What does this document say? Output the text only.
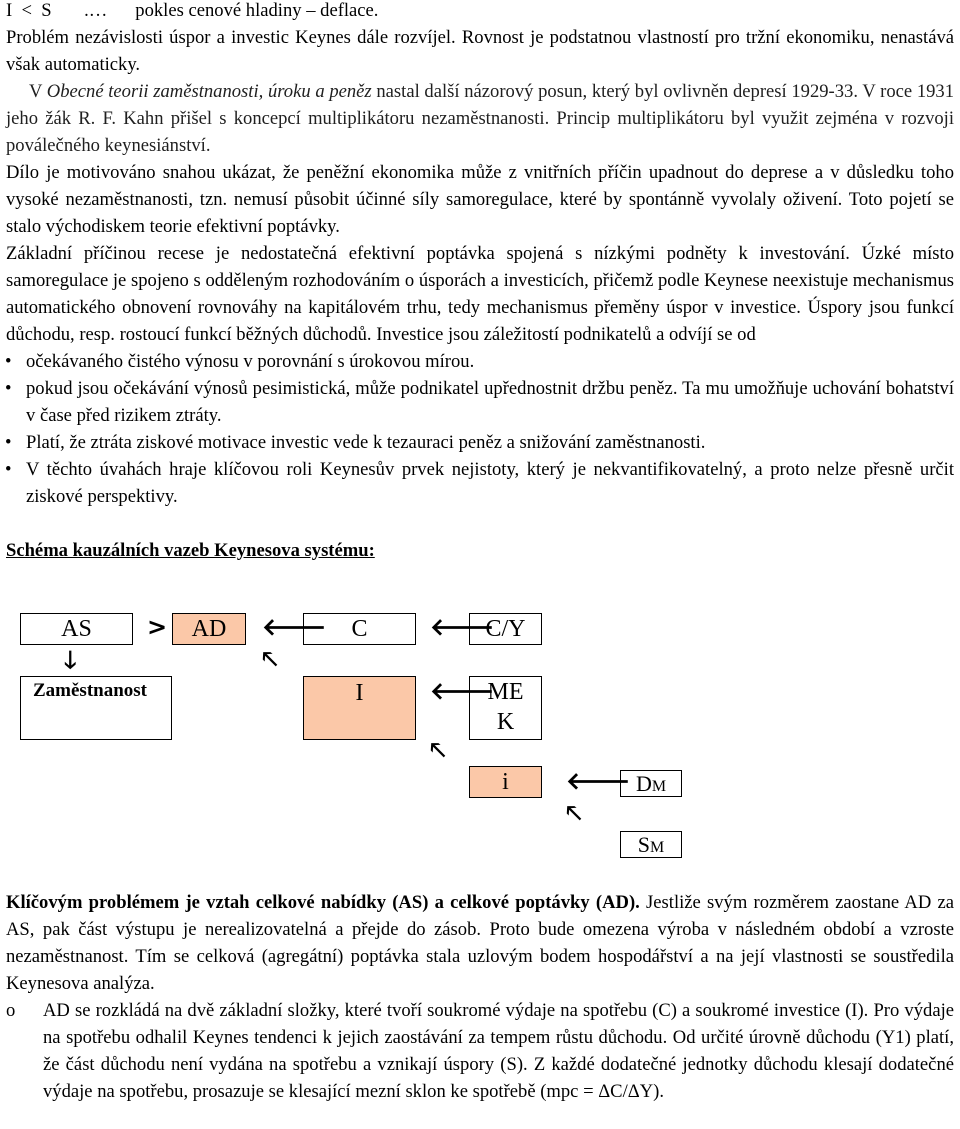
I  <  S       .…      pokles cenové hladiny – deflace.

Problém nezávislosti úspor a investic Keynes dále rozvíjel. Rovnost je podstatnou vlastností pro tržní ekonomiku, nenastává však automaticky.

V Obecné teorii zaměstnanosti, úroku a peněz nastal další názorový posun, který byl ovlivněn depresí 1929-33. V roce 1931 jeho žák R. F. Kahn přišel s koncepcí multiplikátoru nezaměstnanosti. Princip multiplikátoru byl využit zejména v rozvoji poválečného keynesiánství.

Dílo je motivováno snahou ukázat, že peněžní ekonomika může z vnitřních příčin upadnout do deprese a v důsledku toho vysoké nezaměstnanosti, tzn. nemusí působit účinné síly samoregulace, které by spontánně vyvolaly oživení. Toto pojetí se stalo východiskem teorie efektivní poptávky.

Základní příčinou recese je nedostatečná efektivní poptávka spojená s nízkými podněty k investování. Úzké místo samoregulace je spojeno s odděleným rozhodováním o úsporách a investicích, přičemž podle Keynese neexistuje mechanismus automatického obnovení rovnováhy na kapitálovém trhu, tedy mechanismus přeměny úspor v investice. Úspory jsou funkcí důchodu, resp. rostoucí funkcí běžných důchodů. Investice jsou záležitostí podnikatelů a odvíjí se od

• očekávaného čistého výnosu v porovnání s úrokovou mírou.
• pokud jsou očekávání výnosů pesimistická, může podnikatel upřednostnit držbu peněz. Ta mu umožňuje uchování bohatství v čase před rizikem ztráty.
• Platí, že ztráta ziskové motivace investic vede k tezauraci peněz a snižování zaměstnanosti.
• V těchto úvahách hraje klíčovou roli Keynesův prvek nejistoty, který je nekvantifikovatelný, a proto nelze přesně určit ziskové perspektivy.

Schéma kauzálních vazeb Keynesova systému:

AS	>	AD	🡐	C	🡐
C/Y
🡓	🡔
Zaměstnanost	I	🡐
ME
K
🡔
i	🡐 DM
🡔
SM

Klíčovým problémem je vztah celkové nabídky (AS) a celkové poptávky (AD). Jestliže svým rozměrem zaostane AD za AS, pak část výstupu je nerealizovatelná a přejde do zásob. Proto bude omezena výroba v následném období a vzroste nezaměstnanost. Tím se celková (agregátní) poptávka stala uzlovým bodem hospodářství a na její vlastnosti se soustředila Keynesova analýza.

o AD se rozkládá na dvě základní složky, které tvoří soukromé výdaje na spotřebu (C) a soukromé investice (I). Pro výdaje na spotřebu odhalil Keynes tendenci k jejich zaostávání za tempem růstu důchodu. Od určité úrovně důchodu (Y1) platí, že část důchodu není vydána na spotřebu a vznikají úspory (S). Z každé dodatečné jednotky důchodu klesají dodatečné výdaje na spotřebu, prosazuje se klesající mezní sklon ke spotřebě (mpc = ΔC/ΔY).
